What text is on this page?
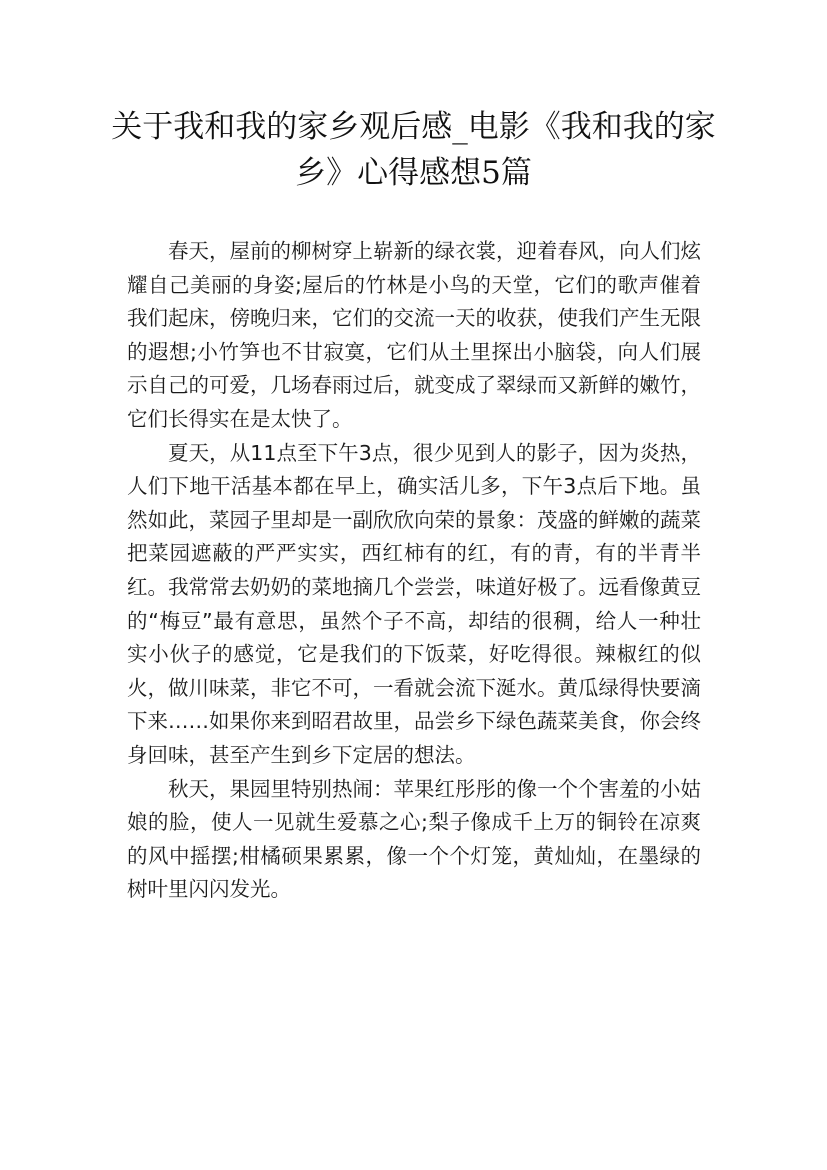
关于我和我的家乡观后感_电影《我和我的家乡》心得感想5篇

春天，屋前的柳树穿上崭新的绿衣裳，迎着春风，向人们炫耀自己美丽的身姿;屋后的竹林是小鸟的天堂，它们的歌声催着我们起床，傍晚归来，它们的交流一天的收获，使我们产生无限的遐想;小竹笋也不甘寂寞，它们从土里探出小脑袋，向人们展示自己的可爱，几场春雨过后，就变成了翠绿而又新鲜的嫩竹，它们长得实在是太快了。

夏天，从11点至下午3点，很少见到人的影子，因为炎热，人们下地干活基本都在早上，确实活儿多，下午3点后下地。虽然如此，菜园子里却是一副欣欣向荣的景象：茂盛的鲜嫩的蔬菜把菜园遮蔽的严严实实，西红柿有的红，有的青，有的半青半红。我常常去奶奶的菜地摘几个尝尝，味道好极了。远看像黄豆的“梅豆”最有意思，虽然个子不高，却结的很稠，给人一种壮实小伙子的感觉，它是我们的下饭菜，好吃得很。辣椒红的似火，做川味菜，非它不可，一看就会流下涎水。黄瓜绿得快要滴下来……如果你来到昭君故里，品尝乡下绿色蔬菜美食，你会终身回味，甚至产生到乡下定居的想法。

秋天，果园里特别热闹：苹果红彤彤的像一个个害羞的小姑娘的脸，使人一见就生爱慕之心;梨子像成千上万的铜铃在凉爽的风中摇摆;柑橘硕果累累，像一个个灯笼，黄灿灿，在墨绿的树叶里闪闪发光。
